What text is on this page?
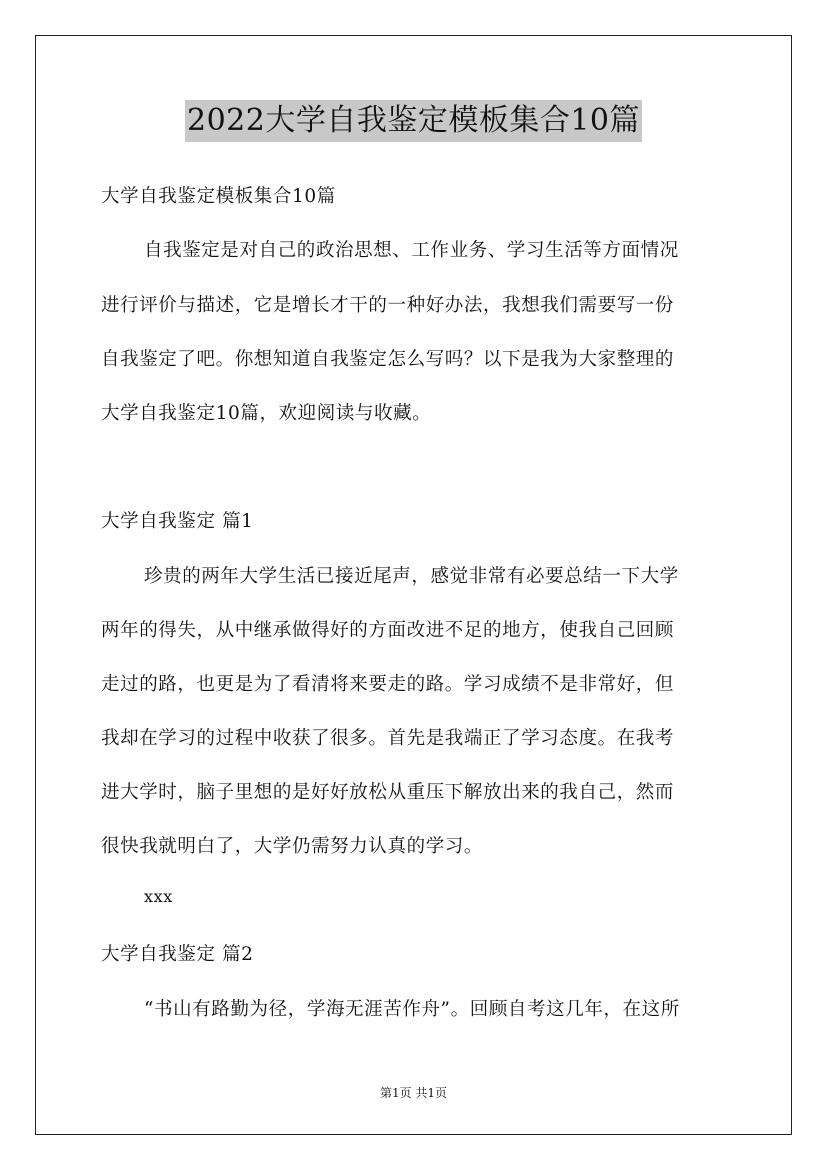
2022大学自我鉴定模板集合10篇
大学自我鉴定模板集合10篇
自我鉴定是对自己的政治思想、工作业务、学习生活等方面情况
进行评价与描述，它是增长才干的一种好办法，我想我们需要写一份
自我鉴定了吧。你想知道自我鉴定怎么写吗？以下是我为大家整理的
大学自我鉴定10篇，欢迎阅读与收藏。
大学自我鉴定 篇1
珍贵的两年大学生活已接近尾声，感觉非常有必要总结一下大学
两年的得失，从中继承做得好的方面改进不足的地方，使我自己回顾
走过的路，也更是为了看清将来要走的路。学习成绩不是非常好，但
我却在学习的过程中收获了很多。首先是我端正了学习态度。在我考
进大学时，脑子里想的是好好放松从重压下解放出来的我自己，然而
很快我就明白了，大学仍需努力认真的学习。
xxx
大学自我鉴定 篇2
“书山有路勤为径，学海无涯苦作舟”。回顾自考这几年，在这所
第1页 共1页
